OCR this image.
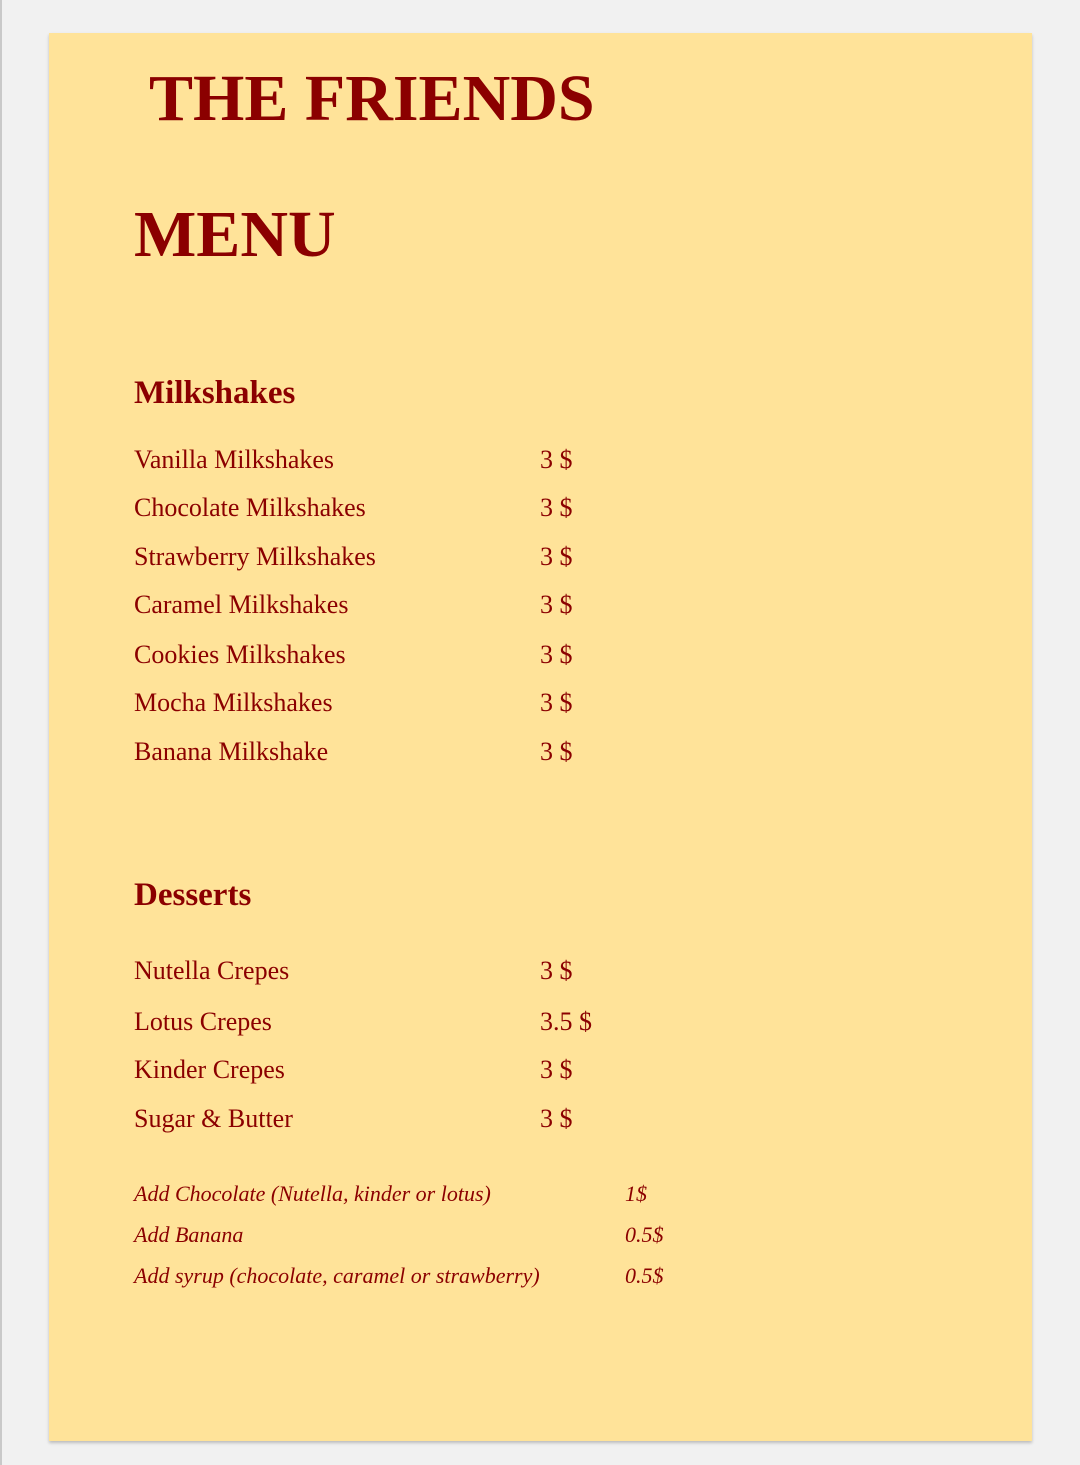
THE FRIENDS
MENU
Milkshakes
Vanilla Milkshakes	3 $
Chocolate Milkshakes	3 $
Strawberry Milkshakes	3 $
Caramel Milkshakes	3 $
Cookies Milkshakes	3 $
Mocha Milkshakes	3 $
Banana Milkshake	3 $
Desserts
Nutella Crepes	3 $
Lotus Crepes	3.5 $
Kinder Crepes	3 $
Sugar & Butter	3 $
Add Chocolate (Nutella, kinder or lotus)	1$
Add Banana	0.5$
Add syrup (chocolate, caramel or strawberry)	0.5$
